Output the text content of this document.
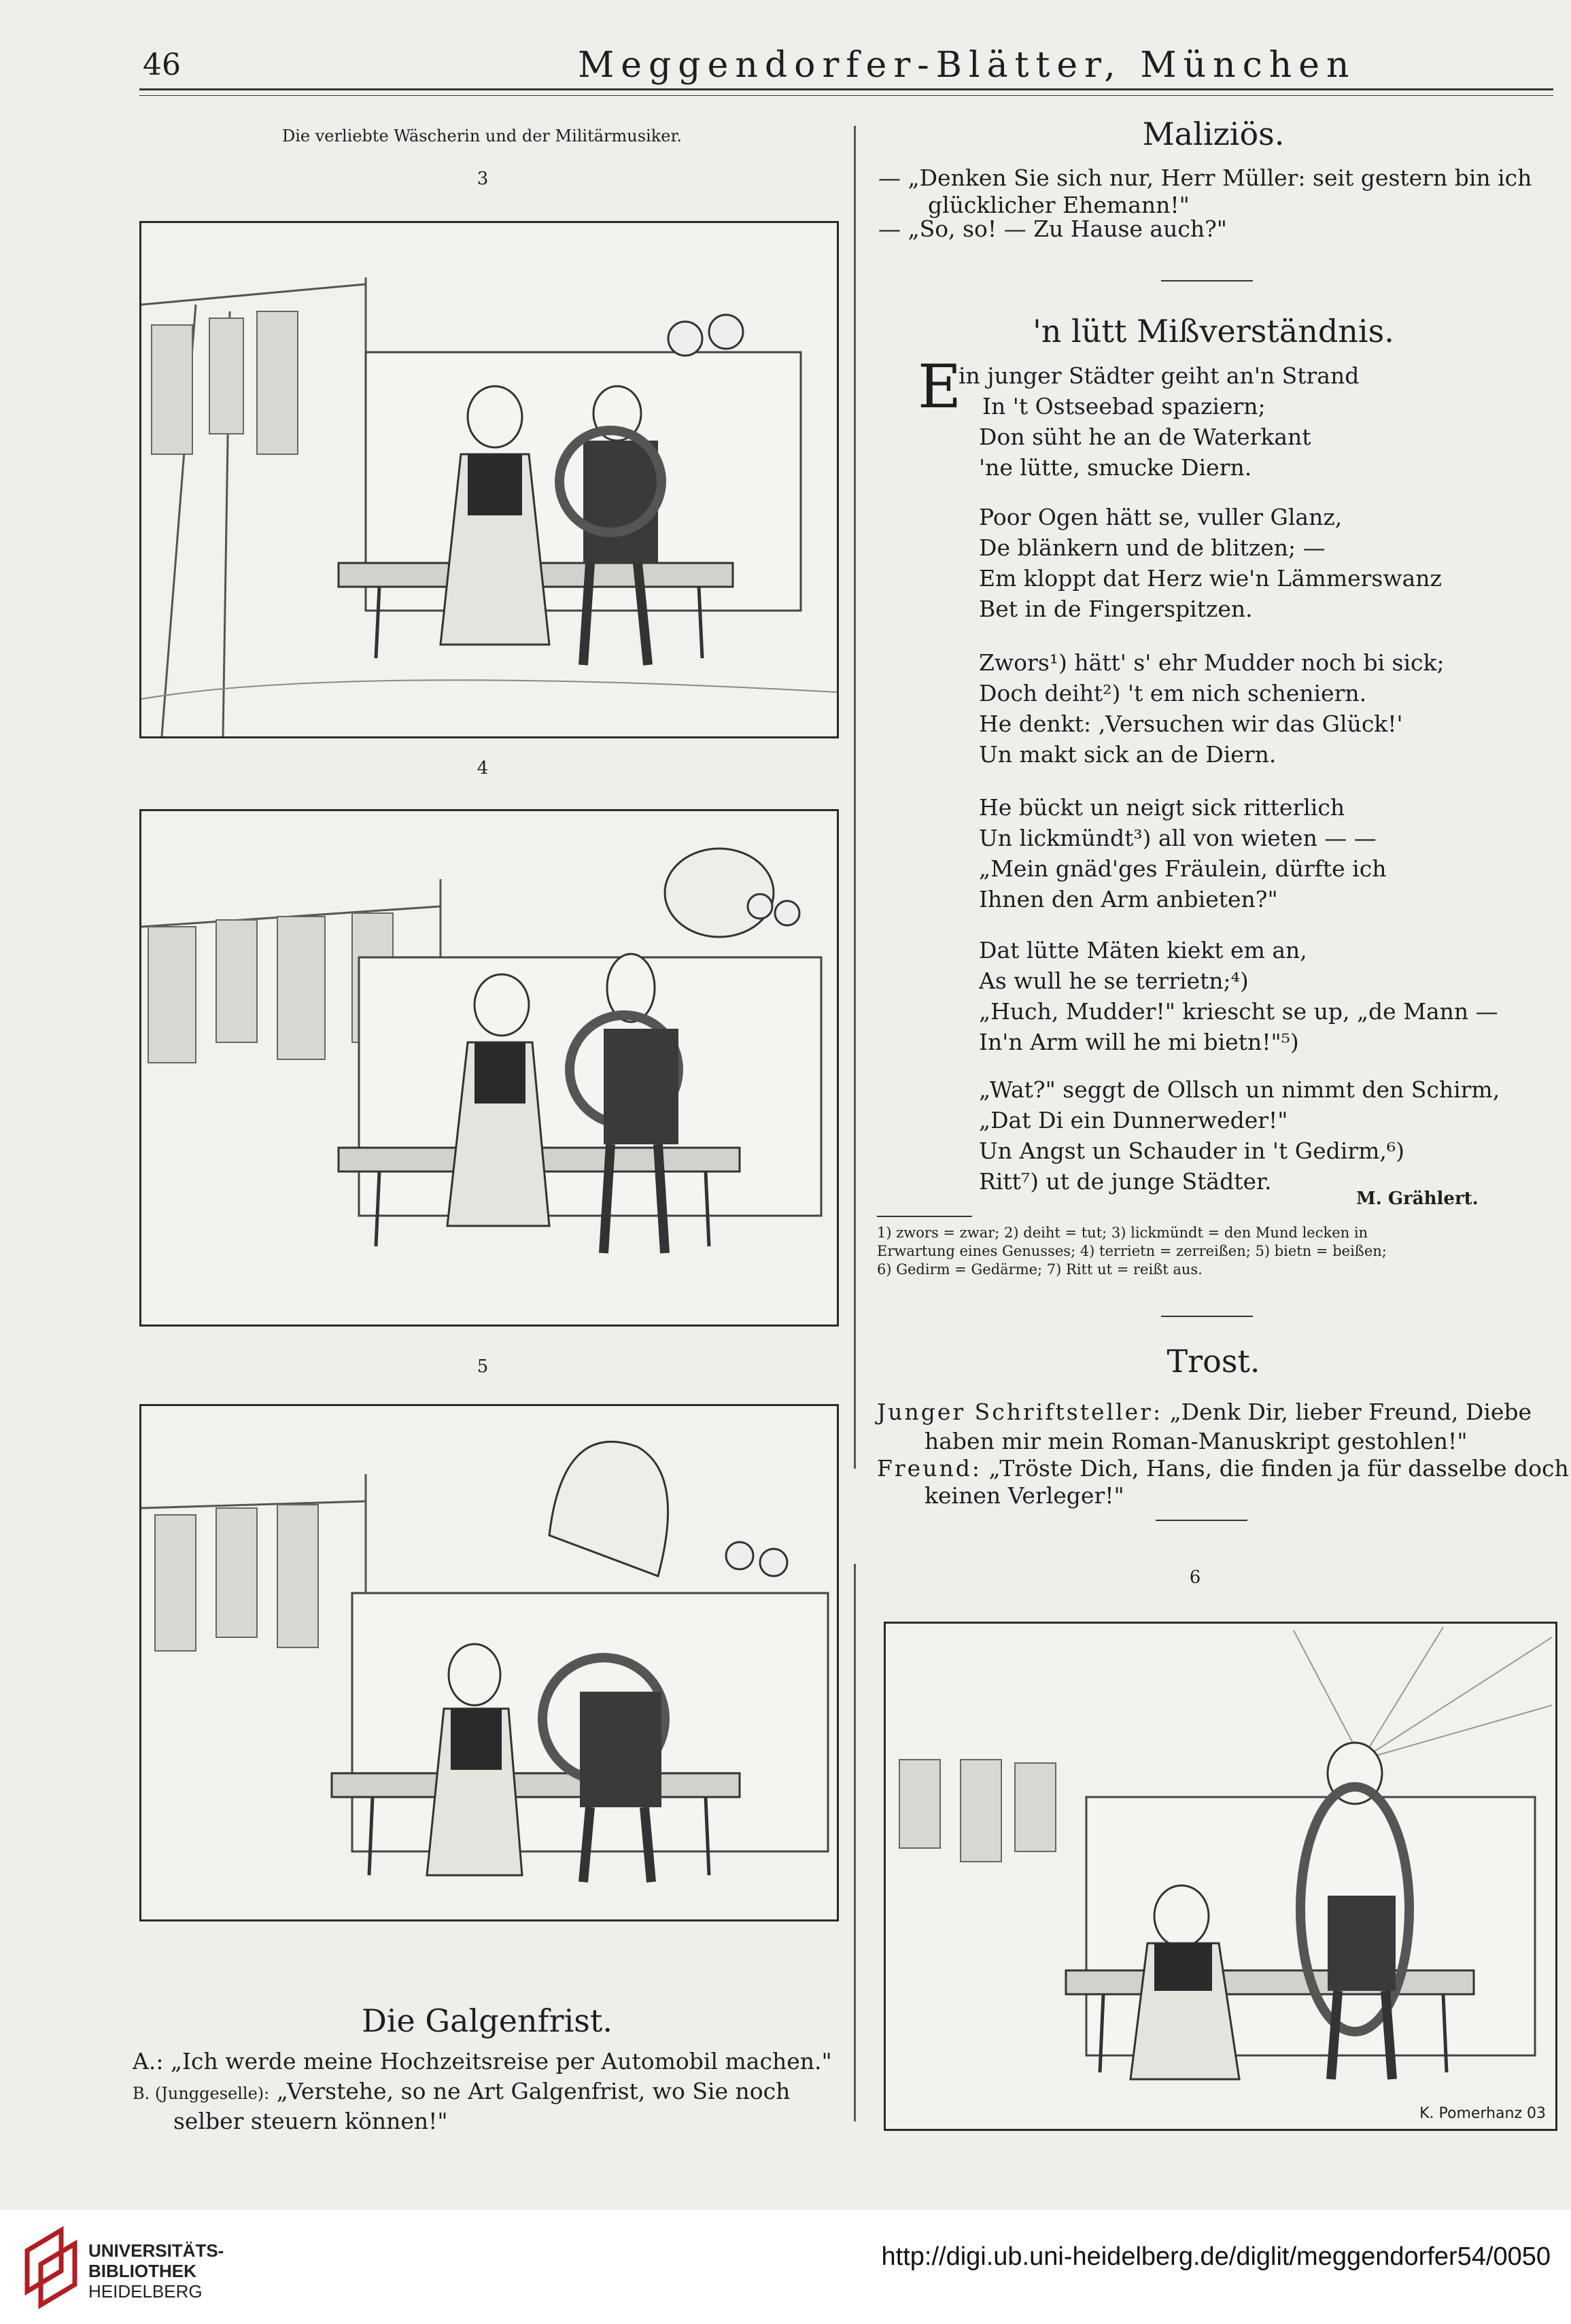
46	Meggendorfer-Blätter, München
Die verliebte Wäscherin und der Militärmusiker.
3
4
5
Die Galgenfrist.
A.: „Ich werde meine Hochzeitsreise per Automobil machen."
B. (Junggeselle): „Verstehe, so ne Art Galgenfrist, wo Sie noch
selber steuern können!"
Maliziös.
— „Denken Sie sich nur, Herr Müller: seit gestern bin ich
glücklicher Ehemann!"
— „So, so! — Zu Hause auch?"
'n lütt Mißverständnis.
E
in junger Städter geiht an'n Strand
In 't Ostseebad spaziern;
Don süht he an de Waterkant
'ne lütte, smucke Diern.
Poor Ogen hätt se, vuller Glanz,
De blänkern und de blitzen; —
Em kloppt dat Herz wie'n Lämmerswanz
Bet in de Fingerspitzen.
Zwors¹) hätt' s' ehr Mudder noch bi sick;
Doch deiht²) 't em nich scheniern.
He denkt: ‚Versuchen wir das Glück!'
Un makt sick an de Diern.
He bückt un neigt sick ritterlich
Un lickmündt³) all von wieten — —
„Mein gnäd'ges Fräulein, dürfte ich
Ihnen den Arm anbieten?"
Dat lütte Mäten kiekt em an,
As wull he se terrietn;⁴)
„Huch, Mudder!" kriescht se up, „de Mann —
In'n Arm will he mi bietn!"⁵)
„Wat?" seggt de Ollsch un nimmt den Schirm,
„Dat Di ein Dunnerweder!"
Un Angst un Schauder in 't Gedirm,⁶)
Ritt⁷) ut de junge Städter.
M. Grählert.
1) zwors = zwar; 2) deiht = tut; 3) lickmündt = den Mund lecken in
Erwartung eines Genusses; 4) terrietn = zerreißen; 5) bietn = beißen;
6) Gedirm = Gedärme; 7) Ritt ut = reißt aus.
Trost.
Junger Schriftsteller: „Denk Dir, lieber Freund, Diebe
haben mir mein Roman-Manuskript gestohlen!"
Freund: „Tröste Dich, Hans, die finden ja für dasselbe doch
keinen Verleger!"
6
K. Pomerhanz 03
UNIVERSITÄTS-
BIBLIOTHEK
HEIDELBERG
http://digi.ub.uni-heidelberg.de/diglit/meggendorfer54/0050
